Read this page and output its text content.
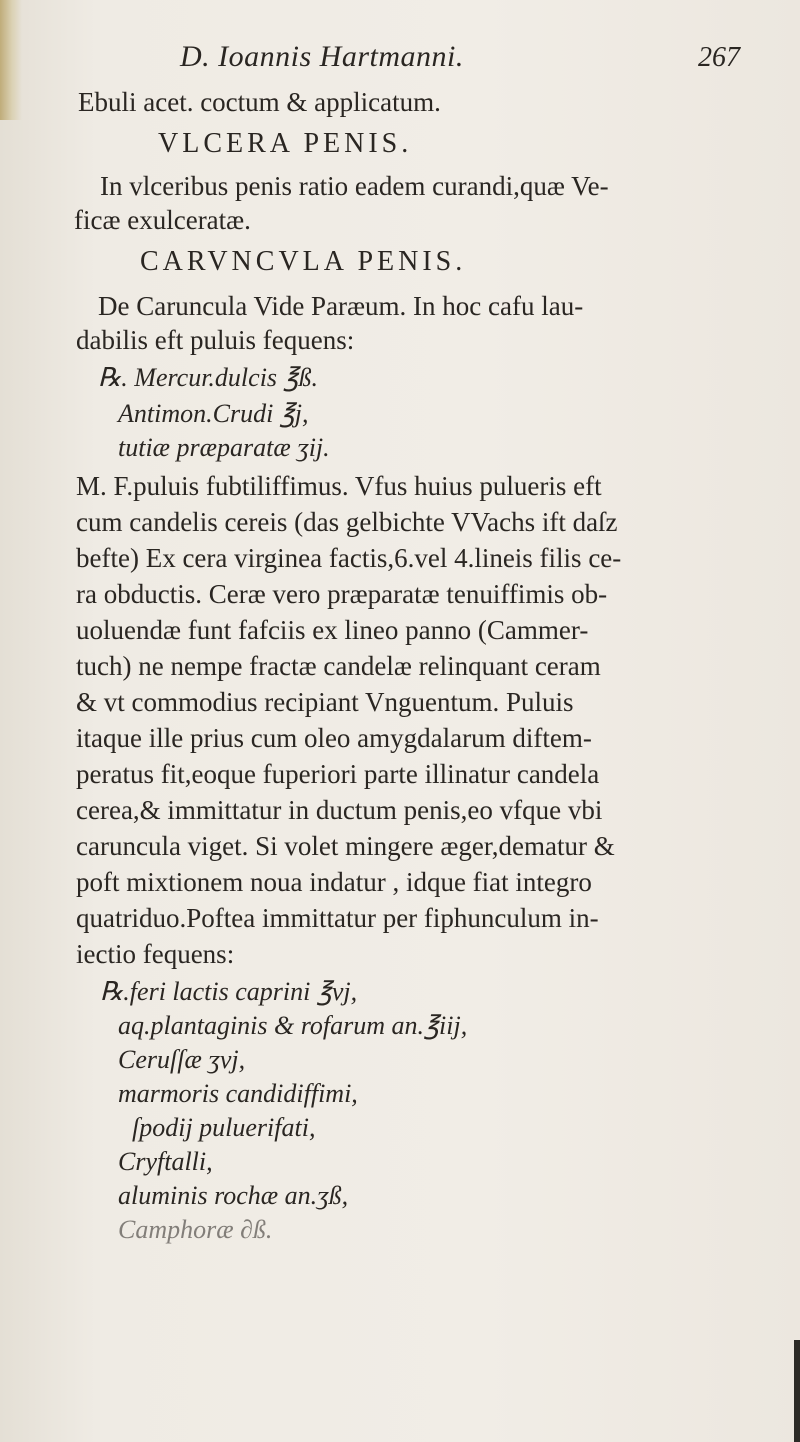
D. Ioannis Hartmanni.	267
Ebuli acet. coctum & applicatum.
VLCERA PENIS.
In vlceribus penis ratio eadem curandi,quæ Ve-
ficæ exulceratæ.
CARVNCVLA PENIS.
De Caruncula Vide Paræum. In hoc cafu lau-
dabilis eft puluis fequens:
℞. Mercur.dulcis ℥ß.
Antimon.Crudi ℥j,
tutiæ præparatæ ʒij.
M. F.puluis fubtiliffimus. Vfus huius pulueris eft
cum candelis cereis (das gelbichte VVachs ift daſz
befte) Ex cera virginea factis,6.vel 4.lineis filis ce-
ra obductis. Ceræ vero præparatæ tenuiffimis ob-
uoluendæ funt fafciis ex lineo panno (Cammer-
tuch) ne nempe fractæ candelæ relinquant ceram
& vt commodius recipiant Vnguentum. Puluis
itaque ille prius cum oleo amygdalarum diftem-
peratus fit,eoque fuperiori parte illinatur candela
cerea,& immittatur in ductum penis,eo vfque vbi
caruncula viget. Si volet mingere æger,dematur &
poft mixtionem noua indatur , idque fiat integro
quatriduo.Poftea immittatur per fiphunculum in-
iectio fequens:
℞.feri lactis caprini ℥vj,
aq.plantaginis & rofarum an.℥iij,
Ceruſſæ ʒvj,
marmoris candidiffimi,
ſpodij puluerifati,
Cryftalli,
aluminis rochæ an.ʒß,
Camphoræ ∂ß.
